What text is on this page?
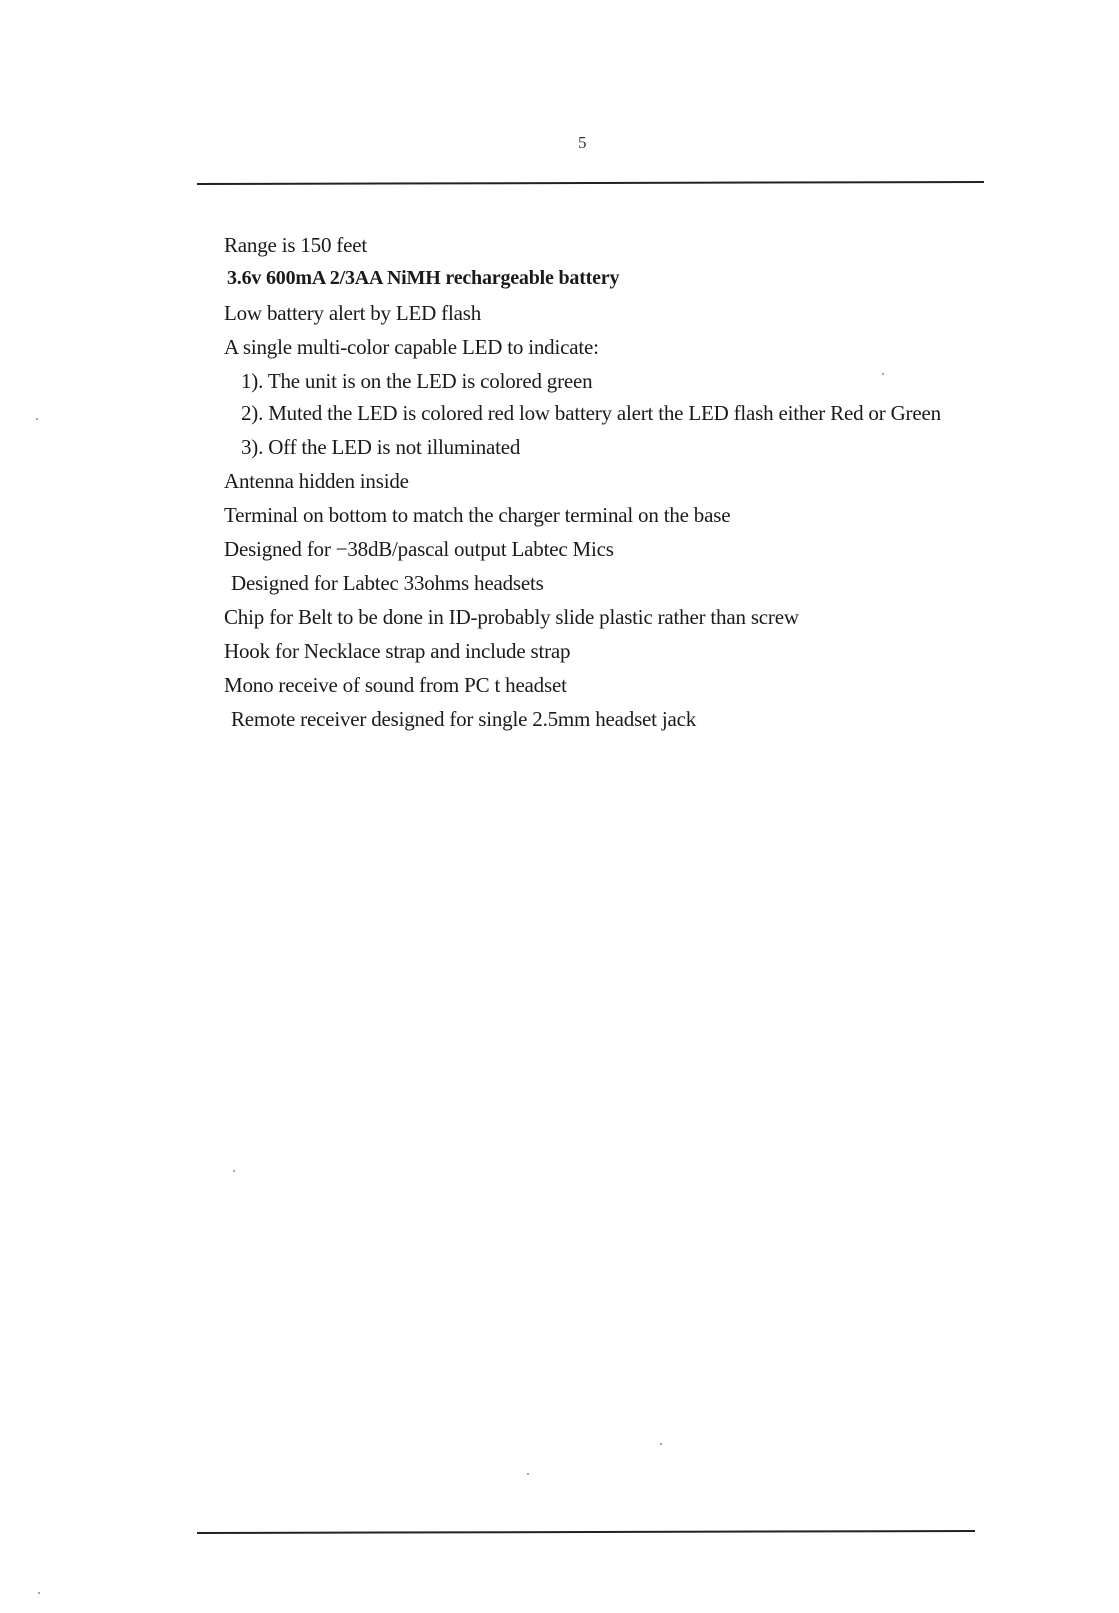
5
Range is 150 feet
3.6v 600mA 2/3AA NiMH rechargeable battery
Low battery alert by LED flash
A single multi-color capable LED to indicate:
1). The unit is on the LED is colored green
2). Muted the LED is colored red low battery alert the LED flash either Red or Green
3). Off the LED is not illuminated
Antenna hidden inside
Terminal on bottom to match the charger terminal on the base
Designed for −38dB/pascal output Labtec Mics
Designed for Labtec 33ohms headsets
Chip for Belt to be done in ID-probably slide plastic rather than screw
Hook for Necklace strap and include strap
Mono receive of sound from PC t headset
Remote receiver designed for single 2.5mm headset jack
